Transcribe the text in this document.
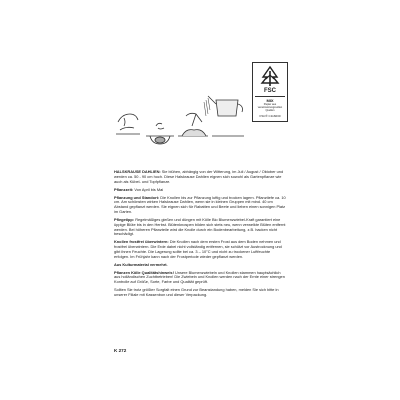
FSC
MIX
Papier aus verantwortungsvollen Quellen
FSC® C116030

HALSKRAUSE DAHLIEN: Sie blühen, abhängig von der Witterung, im Juli / August / Oktober und werden ca. 50 - 90 cm hoch. Diese Halskrause Dahlien eignen sich sowohl als Gartenpflanze wie auch als Kübel- und Topfpflanze.

Pflanzzeit: Von April bis Mai

Pflanzung und Standort: Die Knollen bis zur Pflanzung luftig und trocken lagern. Pflanztiefe ca. 10 cm. Am schönsten wirken Halskrause Dahlien, wenn sie in kleinen Gruppen mit mind. 40 cm Abstand gepflanzt werden. Sie eignen sich für Rabatten und Beete und lieben einen sonnigen Platz im Garten.

Pflegetipp: Regelmäßiges gießen und düngen mit Kölle Bio Blumenzwiebel-Kraft garantiert eine üppige Blüte bis in den Herbst. Blütenknospen bilden sich stets neu, wenn verwelkte Blüten entfernt werden. Bei höheren Pflanzteile wird die Knolle durch ein Bodenbearbeitung, z.B. hacken nicht beschädigt.

Knollen frostfrei überwintern: Die Knollen nach dem ersten Frost aus dem Boden nehmen und frostfrei überwintern. Die Erde dabei nicht vollständig entfernen, sie schützt vor Austrocknung und gibt ihnen Feuchte. Die Lagerung sollte bei ca. 3 – 10°C und nicht zu trockener Luftfeuchte erfolgen. Im Frühjahr kann nach der Frostperiode wieder gepflanzt werden.

Aus Kulturmaterial vermehrt.

Pflanzen Kölle Qualitätshinweis! Unsere Blumenzwiebeln und Knollen stammen hauptsächlich aus holländischen Zuchtbetrieben! Die Zwiebeln und Knollen werden nach der Ernte einer strengen Kontrolle auf Größe, Sorte, Farbe und Qualität geprüft.

Sollten Sie trotz größter Sorgfalt einen Grund zur Beanstandung haben, melden Sie sich bitte in unserer Filiale mit Kassenbon und dieser Verpackung.

K 272
